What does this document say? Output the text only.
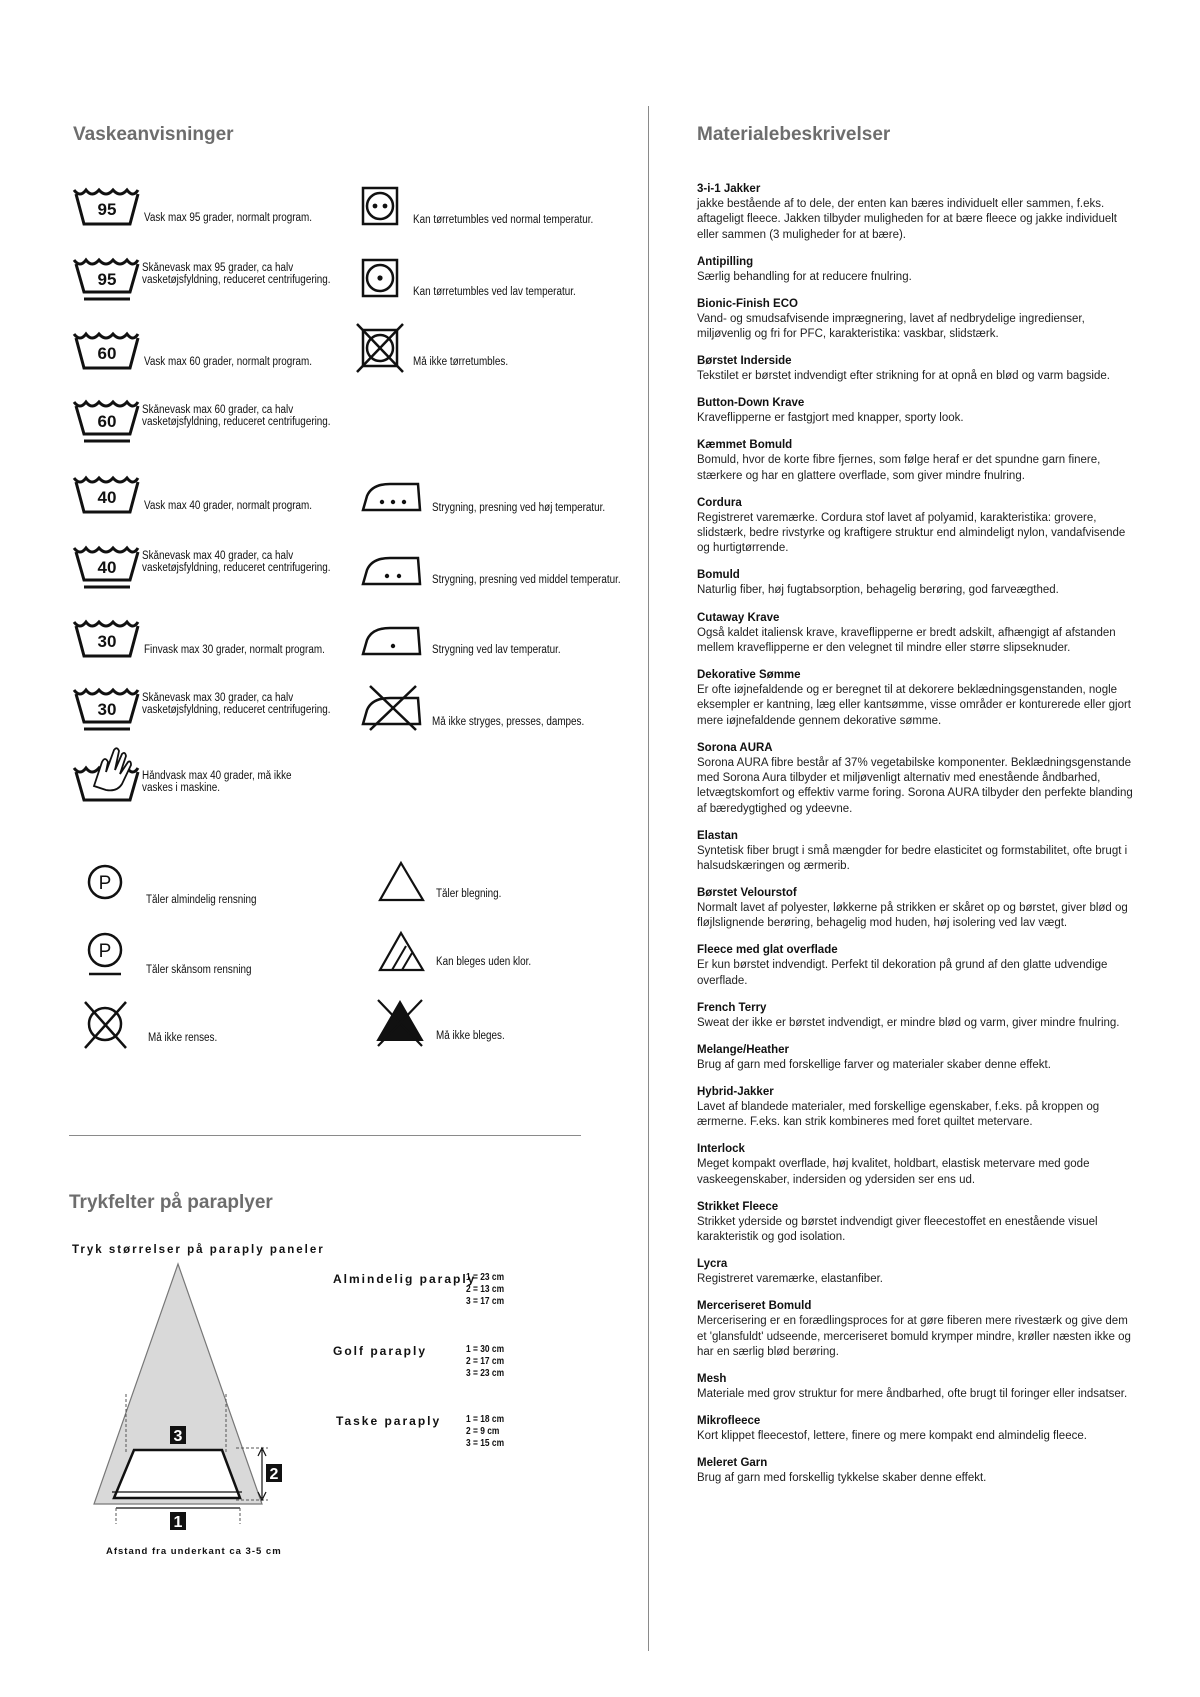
Vaskeanvisninger	Materialebeskrivelser
Trykfelter på paraplyer
95 Vask max 95 grader, normalt program.
95
Skånevask max 95 grader, ca halv vasketøjsfyldning, reduceret centrifugering.
60 Vask max 60 grader, normalt program.
60
Skånevask max 60 grader, ca halv vasketøjsfyldning, reduceret centrifugering.
40 Vask max 40 grader, normalt program.
40
Skånevask max 40 grader, ca halv vasketøjsfyldning, reduceret centrifugering.
30 Finvask max 30 grader, normalt program.
30
Skånevask max 30 grader, ca halv vasketøjsfyldning, reduceret centrifugering.
Håndvask max 40 grader, må ikke vaskes i maskine.
Kan tørretumbles ved normal temperatur.
Kan tørretumbles ved lav temperatur.
Må ikke tørretumbles.
Strygning, presning ved høj temperatur.
Strygning, presning ved middel temperatur.
Strygning ved lav temperatur.
Må ikke stryges, presses, dampes.
P
Tåler almindelig rensning
P
Tåler skånsom rensning
Må ikke renses.
Tåler blegning.
Kan bleges uden klor.
Må ikke bleges.
Tryk størrelser på paraply paneler
3
2
1
Afstand fra underkant ca 3-5 cm
Almindelig paraply
1 = 23 cm
2 = 13 cm
3 = 17 cm
Golf paraply	1 = 30 cm
2 = 17 cm
3 = 23 cm
Taske paraply 1 = 18 cm
2 = 9 cm
3 = 15 cm

3-i-1 Jakker

jakke bestående af to dele, der enten kan bæres individuelt eller sammen, f.eks. aftageligt fleece. Jakken tilbyder muligheden for at bære fleece og jakke individuelt eller sammen (3 muligheder for at bære).

Antipilling

Særlig behandling for at reducere fnulring.

Bionic-Finish ECO

Vand- og smudsafvisende imprægnering, lavet af nedbrydelige ingredienser, miljøvenlig og fri for PFC, karakteristika: vaskbar, slidstærk.

Børstet Inderside

Tekstilet er børstet indvendigt efter strikning for at opnå en blød og varm bagside.

Button-Down Krave

Kraveflipperne er fastgjort med knapper, sporty look.

Kæmmet Bomuld

Bomuld, hvor de korte fibre fjernes, som følge heraf er det spundne garn finere, stærkere og har en glattere overflade, som giver mindre fnulring.

Cordura

Registreret varemærke. Cordura stof lavet af polyamid, karakteristika: grovere, slidstærk, bedre rivstyrke og kraftigere struktur end almindeligt nylon, vandafvisende og hurtigtørrende.

Bomuld

Naturlig fiber, høj fugtabsorption, behagelig berøring, god farveægthed.

Cutaway Krave

Også kaldet italiensk krave, kraveflipperne er bredt adskilt, afhængigt af afstanden mellem kraveflipperne er den velegnet til mindre eller større slipseknuder.

Dekorative Sømme

Er ofte iøjnefaldende og er beregnet til at dekorere beklædningsgenstanden, nogle eksempler er kantning, læg eller kantsømme, visse områder er konturerede eller gjort mere iøjnefaldende gennem dekorative sømme.

Sorona AURA

Sorona AURA fibre består af 37% vegetabilske komponenter. Beklædningsgenstande med Sorona Aura tilbyder et miljøvenligt alternativ med enestående åndbarhed, letvægtskomfort og effektiv varme foring. Sorona AURA tilbyder den perfekte blanding af bæredygtighed og ydeevne.

Elastan

Syntetisk fiber brugt i små mængder for bedre elasticitet og formstabilitet, ofte brugt i halsudskæringen og ærmerib.

Børstet Velourstof

Normalt lavet af polyester, løkkerne på strikken er skåret op og børstet, giver blød og fløjlslignende berøring, behagelig mod huden, høj isolering ved lav vægt.

Fleece med glat overflade

Er kun børstet indvendigt. Perfekt til dekoration på grund af den glatte udvendige overflade.

French Terry

Sweat der ikke er børstet indvendigt, er mindre blød og varm, giver mindre fnulring.

Melange/Heather

Brug af garn med forskellige farver og materialer skaber denne effekt.

Hybrid-Jakker

Lavet af blandede materialer, med forskellige egenskaber, f.eks. på kroppen og ærmerne. F.eks. kan strik kombineres med foret quiltet metervare.

Interlock

Meget kompakt overflade, høj kvalitet, holdbart, elastisk metervare med gode vaskeegenskaber, indersiden og ydersiden ser ens ud.

Strikket Fleece

Strikket yderside og børstet indvendigt giver fleecestoffet en enestående visuel karakteristik og god isolation.

Lycra

Registreret varemærke, elastanfiber.

Merceriseret Bomuld

Mercerisering er en forædlingsproces for at gøre fiberen mere rivestærk og give dem et 'glansfuldt' udseende, merceriseret bomuld krymper mindre, krøller næsten ikke og har en særlig blød berøring.

Mesh

Materiale med grov struktur for mere åndbarhed, ofte brugt til foringer eller indsatser.

Mikrofleece

Kort klippet fleecestof, lettere, finere og mere kompakt end almindelig fleece.

Meleret Garn

Brug af garn med forskellig tykkelse skaber denne effekt.
